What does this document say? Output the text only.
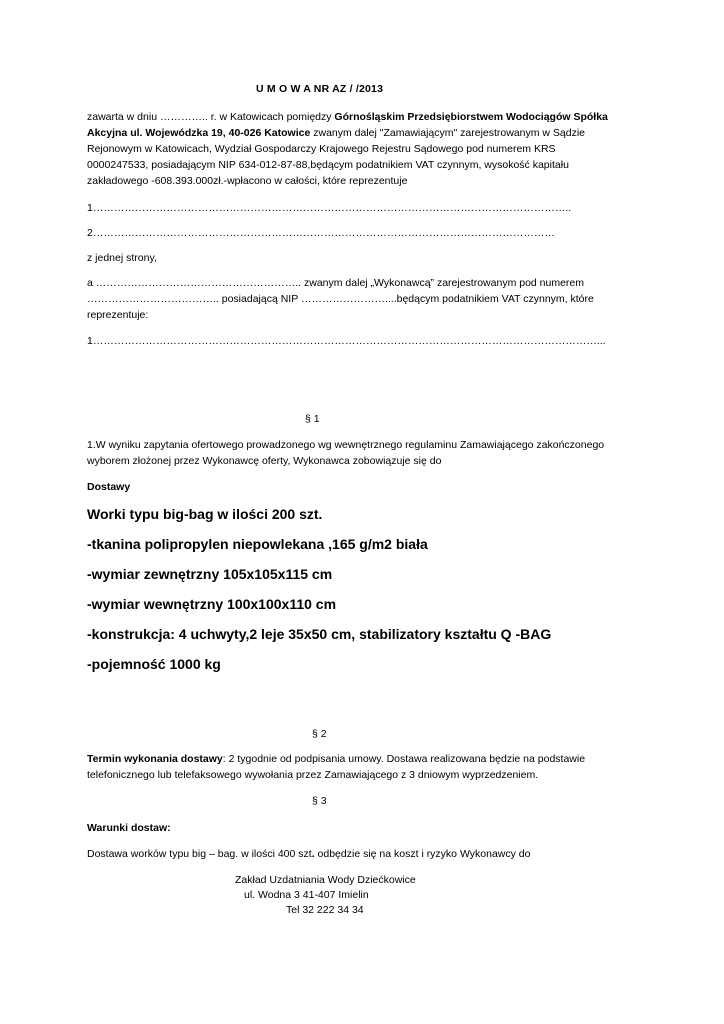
U M O W A NR AZ / /2013
zawarta w dniu ………….. r. w Katowicach pomiędzy Górnośląskim Przedsiębiorstwem Wodociągów Spółka
Akcyjna ul. Wojewódzka 19, 40-026 Katowice zwanym dalej "Zamawiającym" zarejestrowanym w Sądzie
Rejonowym w Katowicach, Wydział Gospodarczy Krajowego Rejestru Sądowego pod numerem KRS
0000247533, posiadającym NIP 634-012-87-88,będącym podatnikiem VAT czynnym, wysokość kapitału
zakładowego -608.393.000zł.-wpłacono w całości, które reprezentuje
1………………………………………………………………………………………………………………………..
2……………………………………………………………………………………………………………………
z jednej strony,
a ………………………………………………….. zwanym dalej „Wykonawcą” zarejestrowanym pod numerem
……………………………….. posiadającą NIP ……………………....będącym podatnikiem VAT czynnym, które
reprezentuje:
1………………………………………………………………………………………………………………………………...
§ 1
1.W wyniku zapytania ofertowego prowadzonego wg wewnętrznego regulaminu Zamawiającego zakończonego
wyborem złożonej przez Wykonawcę oferty, Wykonawca zobowiązuje się do
Dostawy
Worki typu big-bag w ilości 200 szt.
-tkanina polipropylen niepowlekana ,165 g/m2 biała
-wymiar zewnętrzny 105x105x115 cm
-wymiar wewnętrzny 100x100x110 cm
-konstrukcja: 4 uchwyty,2 leje 35x50 cm, stabilizatory kształtu Q -BAG
-pojemność 1000 kg
§ 2
Termin wykonania dostawy: 2 tygodnie od podpisania umowy. Dostawa realizowana będzie na podstawie
telefonicznego lub telefaksowego wywołania przez Zamawiającego z 3 dniowym wyprzedzeniem.
§ 3
Warunki dostaw:
Dostawa worków typu big – bag. w ilości 400 szt. odbędzie się na koszt i ryzyko Wykonawcy do
Zakład Uzdatniania Wody Dziećkowice
ul. Wodna 3 41-407 Imielin
Tel 32 222 34 34
